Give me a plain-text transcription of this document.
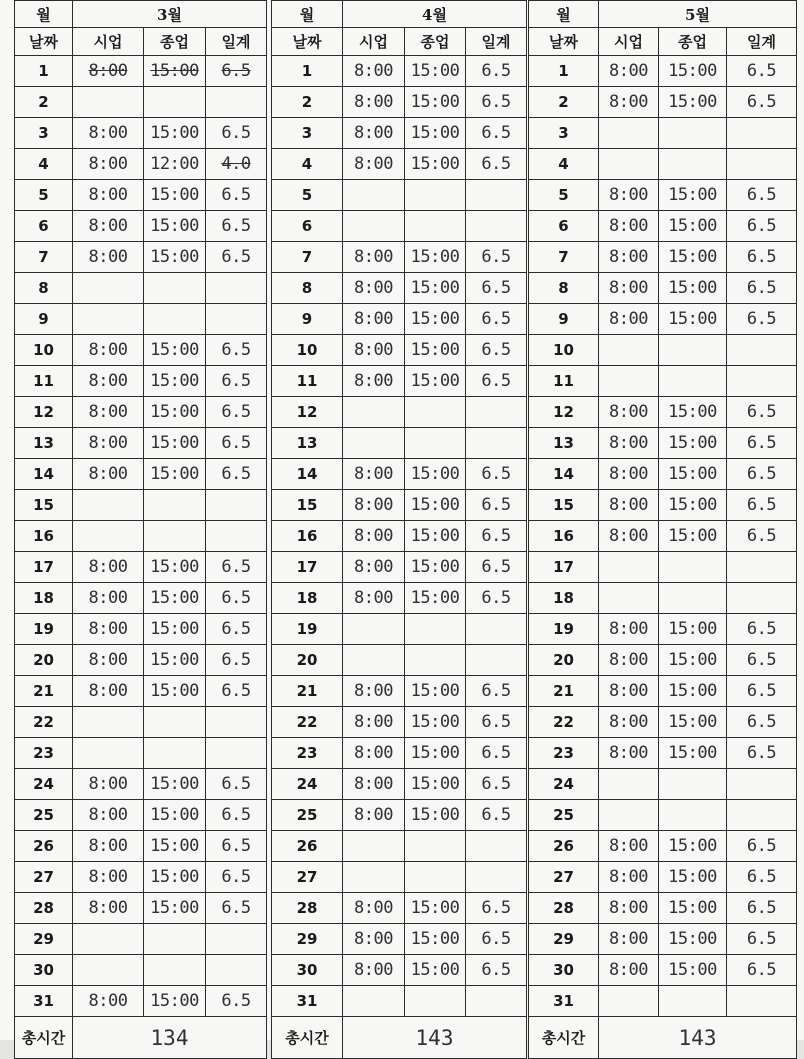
월	3월		
날짜	시업	종업	일계
1	8:00	15:00	6.5
2			
3	8:00	15:00	6.5
4	8:00	12:00	4.0
5	8:00	15:00	6.5
6	8:00	15:00	6.5
7	8:00	15:00	6.5
8			
9			
10	8:00	15:00	6.5
11	8:00	15:00	6.5
12	8:00	15:00	6.5
13	8:00	15:00	6.5
14	8:00	15:00	6.5
15			
16			
17	8:00	15:00	6.5
18	8:00	15:00	6.5
19	8:00	15:00	6.5
20	8:00	15:00	6.5
21	8:00	15:00	6.5
22			
23			
24	8:00	15:00	6.5
25	8:00	15:00	6.5
26	8:00	15:00	6.5
27	8:00	15:00	6.5
28	8:00	15:00	6.5
29			
30			
31	8:00	15:00	6.5
총시간	134		
월	4월		
날짜	시업	종업	일계
1	8:00	15:00	6.5
2	8:00	15:00	6.5
3	8:00	15:00	6.5
4	8:00	15:00	6.5
5			
6			
7	8:00	15:00	6.5
8	8:00	15:00	6.5
9	8:00	15:00	6.5
10	8:00	15:00	6.5
11	8:00	15:00	6.5
12			
13			
14	8:00	15:00	6.5
15	8:00	15:00	6.5
16	8:00	15:00	6.5
17	8:00	15:00	6.5
18	8:00	15:00	6.5
19			
20			
21	8:00	15:00	6.5
22	8:00	15:00	6.5
23	8:00	15:00	6.5
24	8:00	15:00	6.5
25	8:00	15:00	6.5
26			
27			
28	8:00	15:00	6.5
29	8:00	15:00	6.5
30	8:00	15:00	6.5
31			
총시간	143		
월	5월		
날짜	시업	종업	일계
1	8:00	15:00	6.5
2	8:00	15:00	6.5
3			
4			
5	8:00	15:00	6.5
6	8:00	15:00	6.5
7	8:00	15:00	6.5
8	8:00	15:00	6.5
9	8:00	15:00	6.5
10			
11			
12	8:00	15:00	6.5
13	8:00	15:00	6.5
14	8:00	15:00	6.5
15	8:00	15:00	6.5
16	8:00	15:00	6.5
17			
18			
19	8:00	15:00	6.5
20	8:00	15:00	6.5
21	8:00	15:00	6.5
22	8:00	15:00	6.5
23	8:00	15:00	6.5
24			
25			
26	8:00	15:00	6.5
27	8:00	15:00	6.5
28	8:00	15:00	6.5
29	8:00	15:00	6.5
30	8:00	15:00	6.5
31			
총시간	143		
